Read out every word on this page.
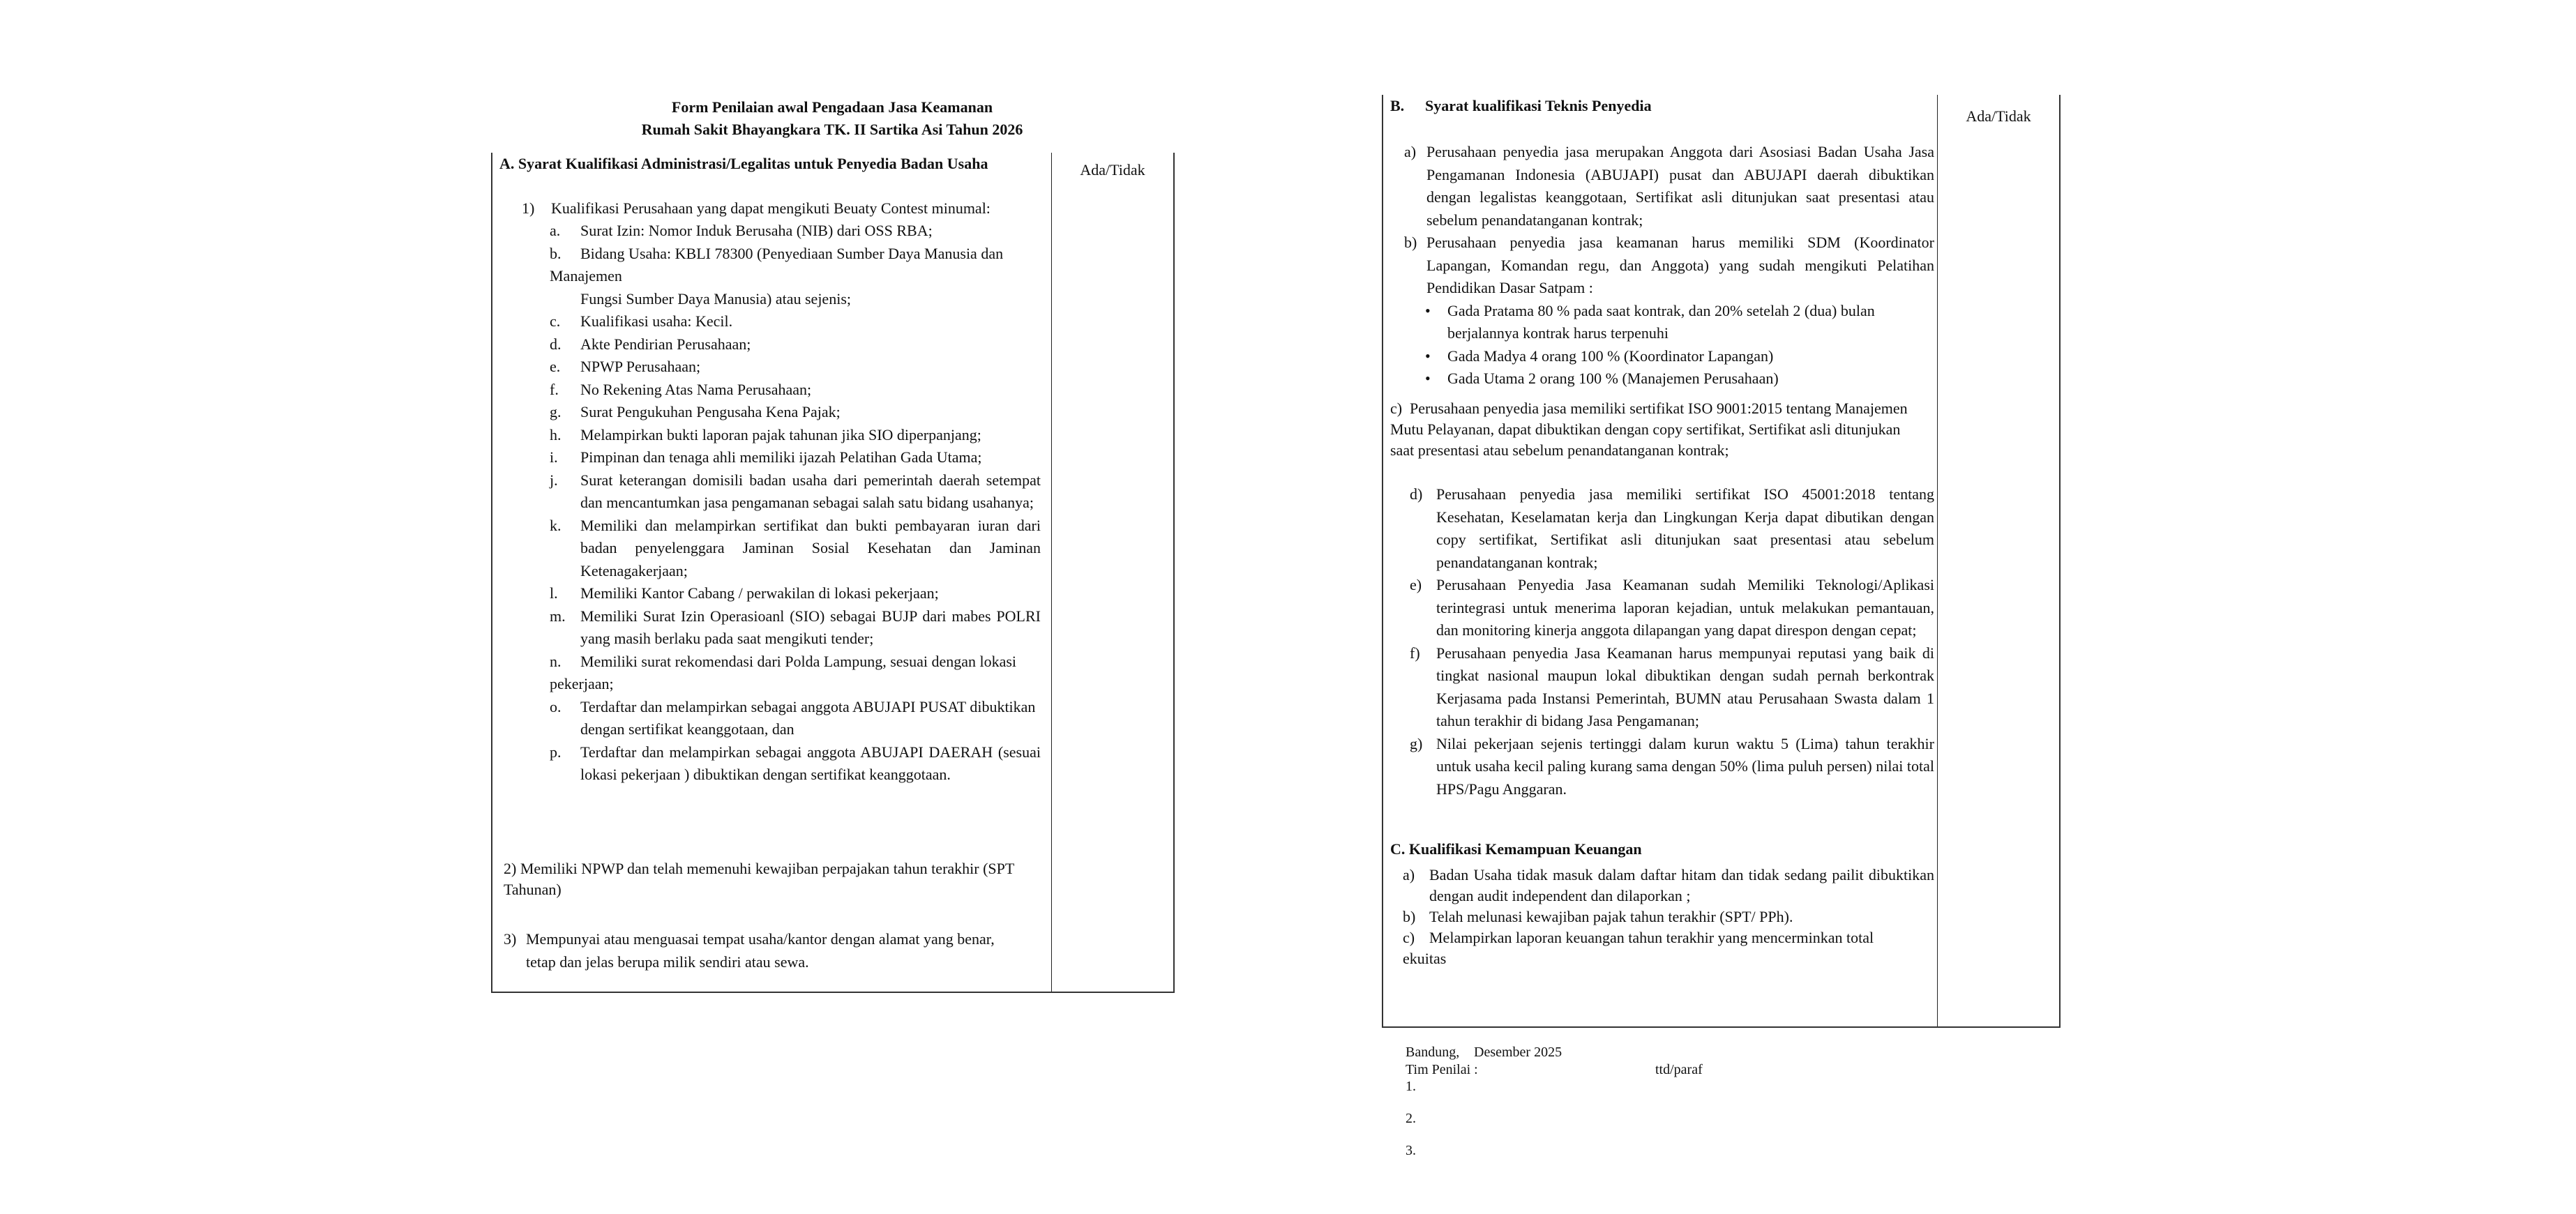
Form Penilaian awal Pengadaan Jasa Keamanan
Rumah Sakit Bhayangkara TK. II Sartika Asi Tahun 2026
A. Syarat Kualifikasi Administrasi/Legalitas untuk Penyedia Badan Usaha
1)	Kualifikasi Perusahaan yang dapat mengikuti Beuaty Contest minumal:
a.	Surat Izin: Nomor Induk Berusaha (NIB) dari OSS RBA;
b. Bidang Usaha: KBLI 78300 (Penyediaan Sumber Daya Manusia dan Manajemen
Fungsi Sumber Daya Manusia) atau sejenis;
c.	Kualifikasi usaha: Kecil.
d.	Akte Pendirian Perusahaan;
e.	NPWP Perusahaan;
f.	No Rekening Atas Nama Perusahaan;
g.	Surat Pengukuhan Pengusaha Kena Pajak;
h.	Melampirkan bukti laporan pajak tahunan jika SIO diperpanjang;
i.	Pimpinan dan tenaga ahli memiliki ijazah Pelatihan Gada Utama;
j.	Surat keterangan domisili badan usaha dari pemerintah daerah setempat dan mencantumkan jasa pengamanan sebagai salah satu bidang usahanya;
k.	Memiliki dan melampirkan sertifikat dan bukti pembayaran iuran dari badan penyelenggara Jaminan Sosial Kesehatan dan Jaminan Ketenagakerjaan;
l.	Memiliki Kantor Cabang / perwakilan di lokasi pekerjaan;
m. Memiliki Surat Izin Operasioanl (SIO) sebagai BUJP dari mabes POLRI yang masih berlaku pada saat mengikuti tender;
n. Memiliki surat rekomendasi dari Polda Lampung, sesuai dengan lokasi pekerjaan;
o.	Terdaftar dan melampirkan sebagai anggota ABUJAPI PUSAT dibuktikan dengan sertifikat keanggotaan, dan
p.	Terdaftar dan melampirkan sebagai anggota ABUJAPI DAERAH (sesuai lokasi pekerjaan ) dibuktikan dengan sertifikat keanggotaan.
2) Memiliki NPWP dan telah memenuhi kewajiban perpajakan tahun terakhir (SPT Tahunan)
3) Mempunyai atau menguasai tempat usaha/kantor dengan alamat yang benar, tetap dan jelas berupa milik sendiri atau sewa.
Ada/Tidak
B. Syarat kualifikasi Teknis Penyedia
a) Perusahaan penyedia jasa merupakan Anggota dari Asosiasi Badan Usaha Jasa Pengamanan Indonesia (ABUJAPI) pusat dan ABUJAPI daerah dibuktikan dengan legalistas keanggotaan, Sertifikat asli ditunjukan saat presentasi atau sebelum penandatanganan kontrak;
b) Perusahaan penyedia jasa keamanan harus memiliki SDM (Koordinator Lapangan, Komandan regu, dan Anggota) yang sudah mengikuti Pelatihan Pendidikan Dasar Satpam :
•	Gada Pratama 80 % pada saat kontrak, dan 20% setelah 2 (dua) bulan berjalannya kontrak harus terpenuhi
•	Gada Madya 4 orang 100 % (Koordinator Lapangan)
•	Gada Utama 2 orang 100 % (Manajemen Perusahaan)
c) Perusahaan penyedia jasa memiliki sertifikat ISO 9001:2015 tentang Manajemen Mutu Pelayanan, dapat dibuktikan dengan copy sertifikat, Sertifikat asli ditunjukan saat presentasi atau sebelum penandatanganan kontrak;
d) Perusahaan penyedia jasa memiliki sertifikat ISO 45001:2018 tentang Kesehatan, Keselamatan kerja dan Lingkungan Kerja dapat dibutikan dengan copy sertifikat, Sertifikat asli ditunjukan saat presentasi atau sebelum penandatanganan kontrak;
e) Perusahaan Penyedia Jasa Keamanan sudah Memiliki Teknologi/Aplikasi terintegrasi untuk menerima laporan kejadian, untuk melakukan pemantauan, dan monitoring kinerja anggota dilapangan yang dapat direspon dengan cepat;
f)	Perusahaan penyedia Jasa Keamanan harus mempunyai reputasi yang baik di tingkat nasional maupun lokal dibuktikan dengan sudah pernah berkontrak Kerjasama pada Instansi Pemerintah, BUMN atau Perusahaan Swasta dalam 1 tahun terakhir di bidang Jasa Pengamanan;
g) Nilai pekerjaan sejenis tertinggi dalam kurun waktu 5 (Lima) tahun terakhir untuk usaha kecil paling kurang sama dengan 50% (lima puluh persen) nilai total HPS/Pagu Anggaran.
C. Kualifikasi Kemampuan Keuangan
a) Badan Usaha tidak masuk dalam daftar hitam dan tidak sedang pailit dibuktikan dengan audit independent dan dilaporkan ;
b) Telah melunasi kewajiban pajak tahun terakhir (SPT/ PPh).
c) Melampirkan laporan keuangan tahun terakhir yang mencerminkan total ekuitas
Ada/Tidak
Bandung, Desember 2025
Tim Penilai :	ttd/paraf
1.
2.
3.
